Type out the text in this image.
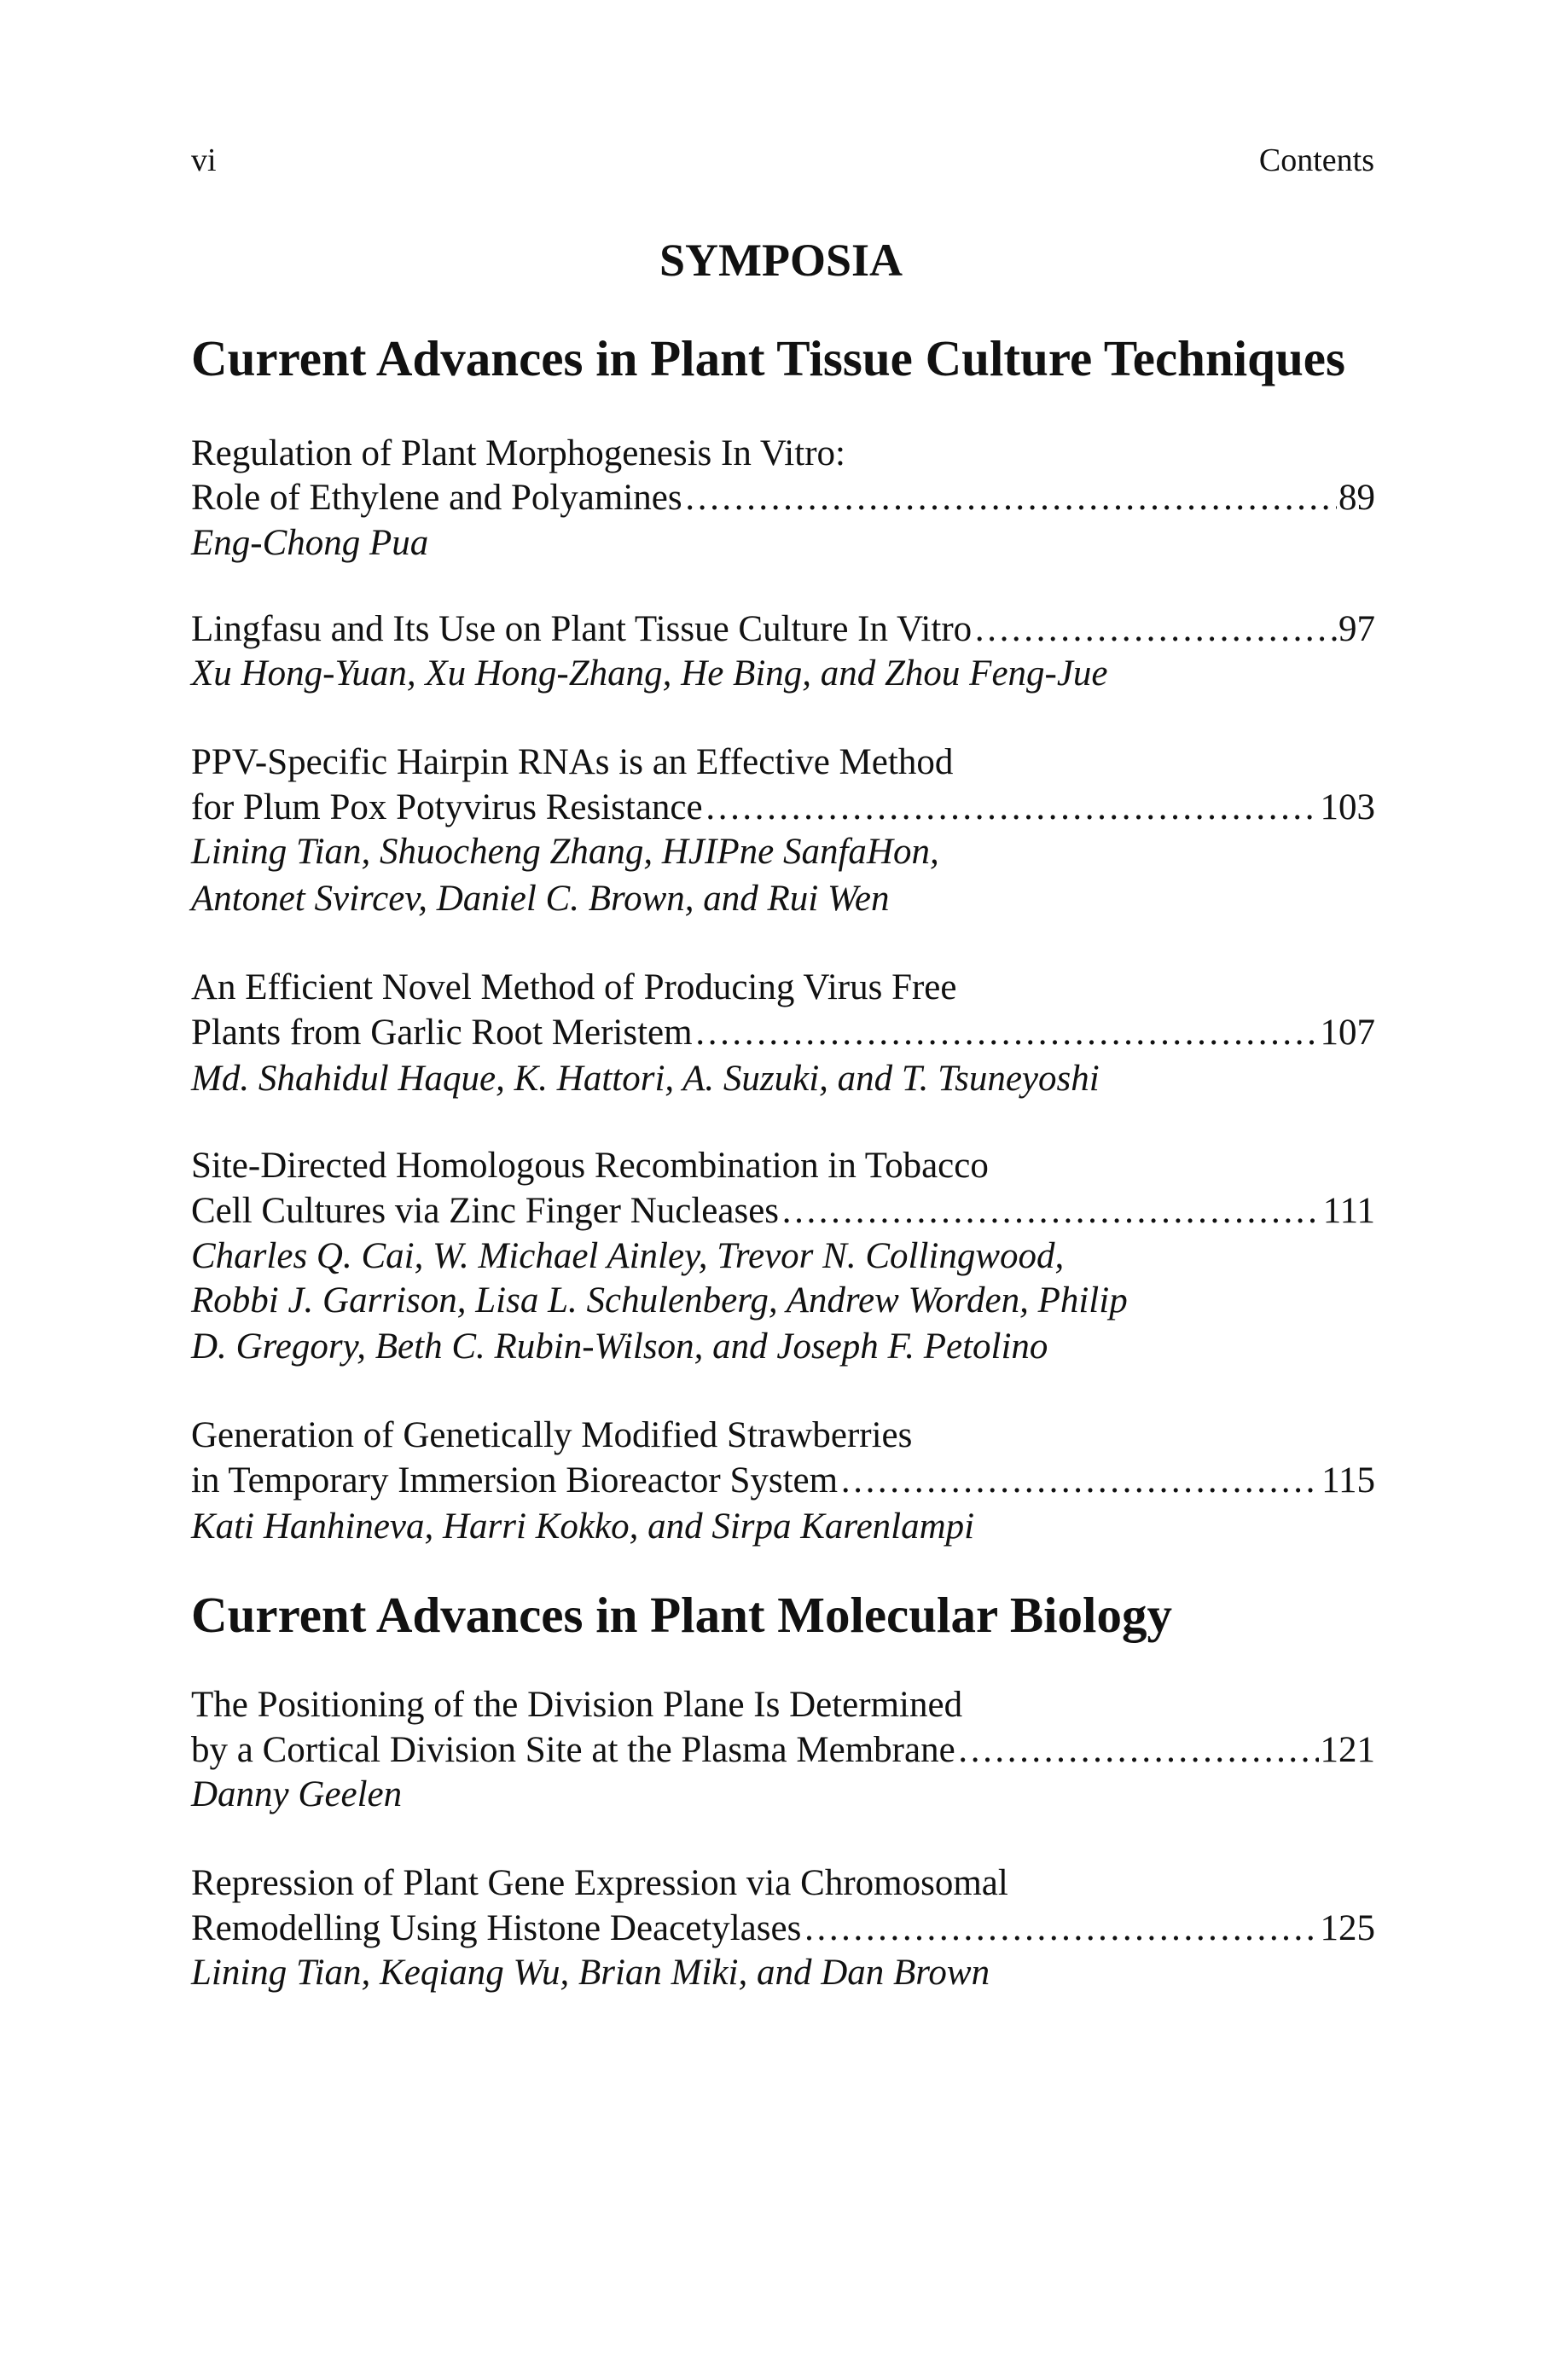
vi	Contents
SYMPOSIA
Current Advances in Plant Tissue Culture Techniques
Regulation of Plant Morphogenesis In Vitro:
Role of Ethylene and Polyamines ……………………………………………………………………………………………………………………………………	89
Eng-Chong Pua
Lingfasu and Its Use on Plant Tissue Culture In Vitro ……………………………………………………………………………………………………………………………………	97
Xu Hong-Yuan, Xu Hong-Zhang, He Bing, and Zhou Feng-Jue
PPV-Specific Hairpin RNAs is an Effective Method
for Plum Pox Potyvirus Resistance ……………………………………………………………………………………………………………………………………	103
Lining Tian, Shuocheng Zhang, HJIPne SanfaHon,
Antonet Svircev, Daniel C. Brown, and Rui Wen
An Efficient Novel Method of Producing Virus Free
Plants from Garlic Root Meristem ……………………………………………………………………………………………………………………………………	107
Md. Shahidul Haque, K. Hattori, A. Suzuki, and T. Tsuneyoshi
Site-Directed Homologous Recombination in Tobacco
Cell Cultures via Zinc Finger Nucleases ……………………………………………………………………………………………………………………………………	111
Charles Q. Cai, W. Michael Ainley, Trevor N. Collingwood,
Robbi J. Garrison, Lisa L. Schulenberg, Andrew Worden, Philip
D. Gregory, Beth C. Rubin-Wilson, and Joseph F. Petolino
Generation of Genetically Modified Strawberries
in Temporary Immersion Bioreactor System ……………………………………………………………………………………………………………………………………	115
Kati Hanhineva, Harri Kokko, and Sirpa Karenlampi
Current Advances in Plant Molecular Biology
The Positioning of the Division Plane Is Determined
by a Cortical Division Site at the Plasma Membrane ……………………………………………………………………………………………………………………………………	121
Danny Geelen
Repression of Plant Gene Expression via Chromosomal
Remodelling Using Histone Deacetylases ……………………………………………………………………………………………………………………………………	125
Lining Tian, Keqiang Wu, Brian Miki, and Dan Brown
